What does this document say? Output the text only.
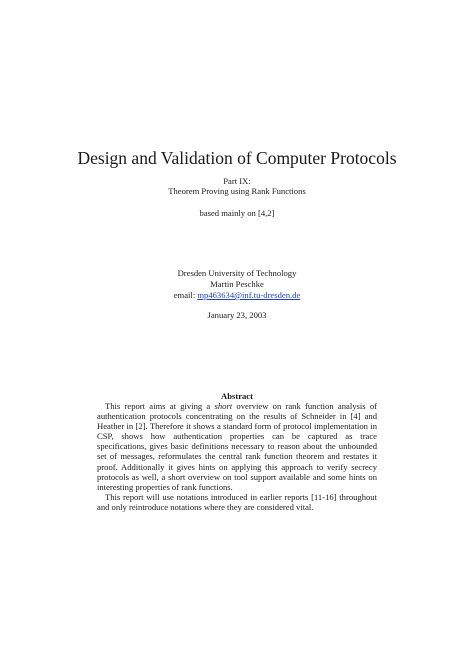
Design and Validation of Computer Protocols
Part IX:
Theorem Proving using Rank Functions
based mainly on [4,2]
Dresden University of Technology
Martin Peschke
email: mp463634@inf.tu-dresden.de
January 23, 2003
Abstract

This report aims at giving a short overview on rank function analysis of authentication protocols concentrating on the results of Schneider in [4] and Heather in [2]. Therefore it shows a standard form of protocol implementation in CSP, shows how authentication properties can be captured as trace specifications, gives basic definitions necessary to reason about the unbounded set of messages, reformulates the central rank function theorem and restates it proof. Additionally it gives hints on applying this approach to verify secrecy protocols as well, a short overview on tool support available and some hints on interesting properties of rank functions.

This report will use notations introduced in earlier reports [11-16] throughout and only reintroduce notations where they are considered vital.
